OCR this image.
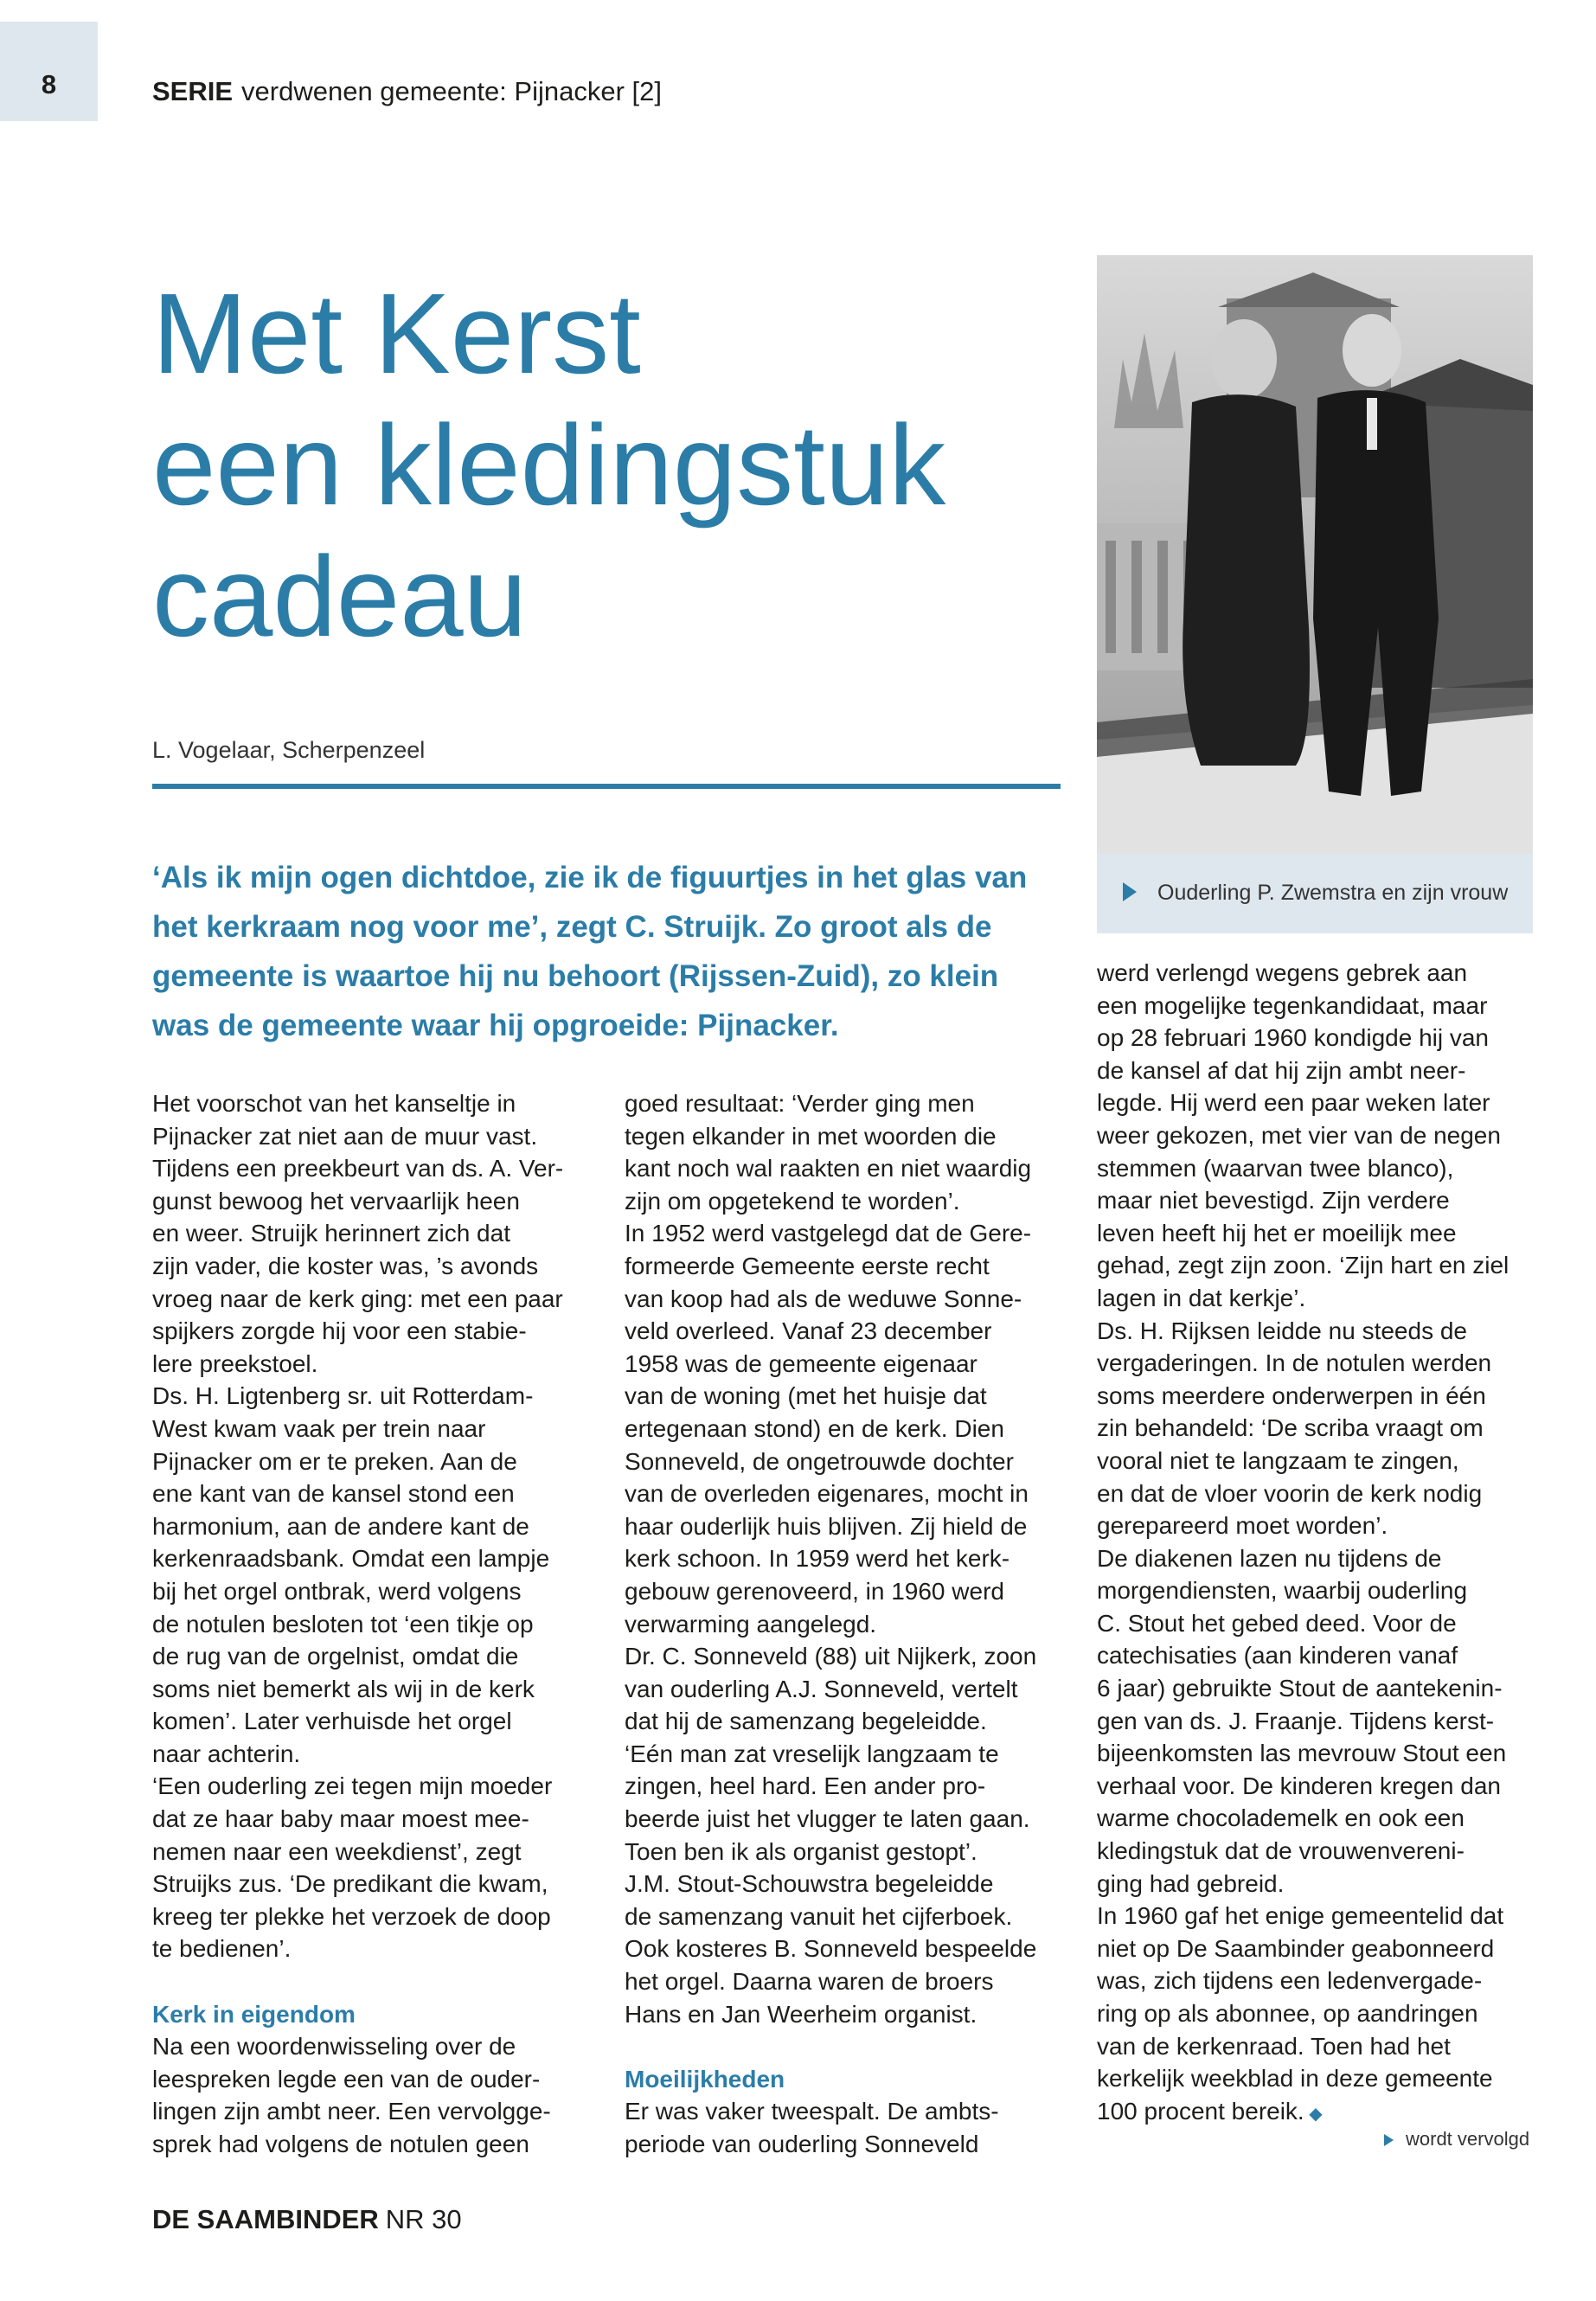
8	SERIE verdwenen gemeente: Pijnacker [2]
Met Kerst
een kledingstuk
cadeau
L. Vogelaar, Scherpenzeel
‘Als ik mijn ogen dichtdoe, zie ik de figuurtjes in het glas van
het kerkraam nog voor me’, zegt C. Struijk. Zo groot als de
gemeente is waartoe hij nu behoort (Rijssen-Zuid), zo klein
was de gemeente waar hij opgroeide: Pijnacker.
Ouderling P. Zwemstra en zijn vrouw
Het voorschot van het kanseltje in
Pijnacker zat niet aan de muur vast.
Tijdens een preekbeurt van ds. A. Ver-
gunst bewoog het vervaarlijk heen
en weer. Struijk herinnert zich dat
zijn vader, die koster was, ’s avonds
vroeg naar de kerk ging: met een paar
spijkers zorgde hij voor een stabie-
lere preekstoel.
Ds. H. Ligtenberg sr. uit Rotterdam-
West kwam vaak per trein naar
Pijnacker om er te preken. Aan de
ene kant van de kansel stond een
harmonium, aan de andere kant de
kerkenraadsbank. Omdat een lampje
bij het orgel ontbrak, werd volgens
de notulen besloten tot ‘een tikje op
de rug van de orgelnist, omdat die
soms niet bemerkt als wij in de kerk
komen’. Later verhuisde het orgel
naar achterin.
‘Een ouderling zei tegen mijn moeder
dat ze haar baby maar moest mee-
nemen naar een weekdienst’, zegt
Struijks zus. ‘De predikant die kwam,
kreeg ter plekke het verzoek de doop
te bedienen’.
Kerk in eigendom
Na een woordenwisseling over de
leespreken legde een van de ouder-
lingen zijn ambt neer. Een vervolgge-
sprek had volgens de notulen geen
goed resultaat: ‘Verder ging men
tegen elkander in met woorden die
kant noch wal raakten en niet waardig
zijn om opgetekend te worden’.
In 1952 werd vastgelegd dat de Gere-
formeerde Gemeente eerste recht
van koop had als de weduwe Sonne-
veld overleed. Vanaf 23 december
1958 was de gemeente eigenaar
van de woning (met het huisje dat
ertegenaan stond) en de kerk. Dien
Sonneveld, de ongetrouwde dochter
van de overleden eigenares, mocht in
haar ouderlijk huis blijven. Zij hield de
kerk schoon. In 1959 werd het kerk-
gebouw gerenoveerd, in 1960 werd
verwarming aangelegd.
Dr. C. Sonneveld (88) uit Nijkerk, zoon
van ouderling A.J. Sonneveld, vertelt
dat hij de samenzang begeleidde.
‘Eén man zat vreselijk langzaam te
zingen, heel hard. Een ander pro-
beerde juist het vlugger te laten gaan.
Toen ben ik als organist gestopt’.
J.M. Stout-Schouwstra begeleidde
de samenzang vanuit het cijferboek.
Ook kosteres B. Sonneveld bespeelde
het orgel. Daarna waren de broers
Hans en Jan Weerheim organist.
Moeilijkheden
Er was vaker tweespalt. De ambts-
periode van ouderling Sonneveld
werd verlengd wegens gebrek aan
een mogelijke tegenkandidaat, maar
op 28 februari 1960 kondigde hij van
de kansel af dat hij zijn ambt neer-
legde. Hij werd een paar weken later
weer gekozen, met vier van de negen
stemmen (waarvan twee blanco),
maar niet bevestigd. Zijn verdere
leven heeft hij het er moeilijk mee
gehad, zegt zijn zoon. ‘Zijn hart en ziel
lagen in dat kerkje’.
Ds. H. Rijksen leidde nu steeds de
vergaderingen. In de notulen werden
soms meerdere onderwerpen in één
zin behandeld: ‘De scriba vraagt om
vooral niet te langzaam te zingen,
en dat de vloer voorin de kerk nodig
gerepareerd moet worden’.
De diakenen lazen nu tijdens de
morgendiensten, waarbij ouderling
C. Stout het gebed deed. Voor de
catechisaties (aan kinderen vanaf
6 jaar) gebruikte Stout de aantekenin-
gen van ds. J. Fraanje. Tijdens kerst-
bijeenkomsten las mevrouw Stout een
verhaal voor. De kinderen kregen dan
warme chocolademelk en ook een
kledingstuk dat de vrouwenvereni-
ging had gebreid.
In 1960 gaf het enige gemeentelid dat
niet op De Saambinder geabonneerd
was, zich tijdens een ledenvergade-
ring op als abonnee, op aandringen
van de kerkenraad. Toen had het
kerkelijk weekblad in deze gemeente
100 procent bereik. ◆
wordt vervolgd
DE SAAMBINDER NR 30
